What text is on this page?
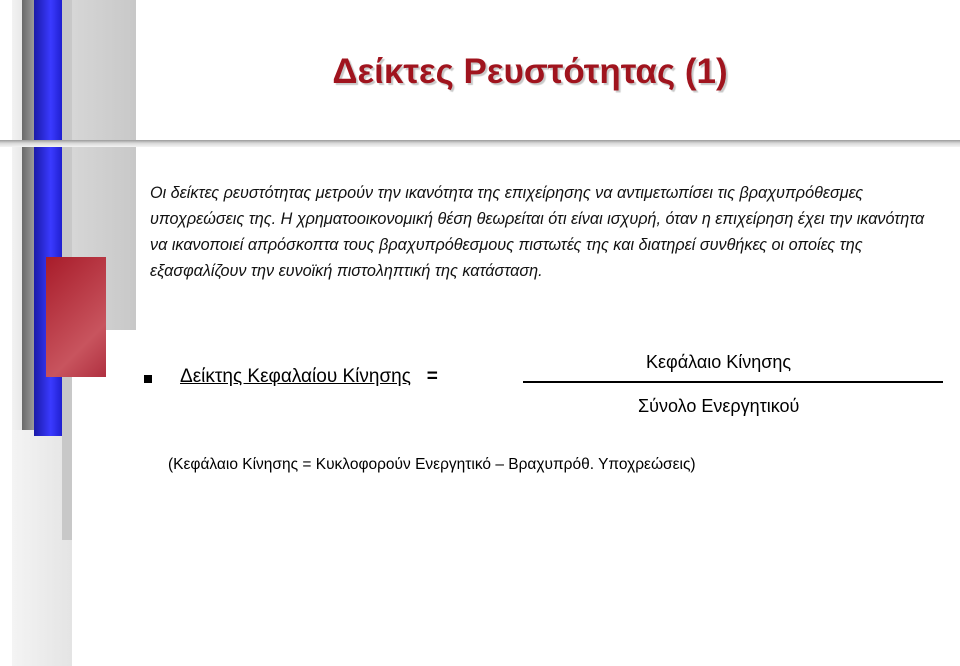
Δείκτες Ρευστότητας (1)
Οι δείκτες ρευστότητας μετρούν την ικανότητα της επιχείρησης να αντιμετωπίσει τις βραχυπρόθεσμες υποχρεώσεις της. Η χρηματοοικονομική θέση θεωρείται ότι είναι ισχυρή, όταν η επιχείρηση έχει την ικανότητα να ικανοποιεί απρόσκοπτα τους βραχυπρόθεσμους πιστωτές της και διατηρεί συνθήκες οι οποίες της εξασφαλίζουν την ευνοϊκή πιστοληπτική της κατάσταση.
Δείκτης Κεφαλαίου Κίνησης =
Κεφάλαιο Κίνησης
Σύνολο Ενεργητικού
(Κεφάλαιο Κίνησης = Κυκλοφορούν Ενεργητικό – Βραχυπρόθ. Υποχρεώσεις)
